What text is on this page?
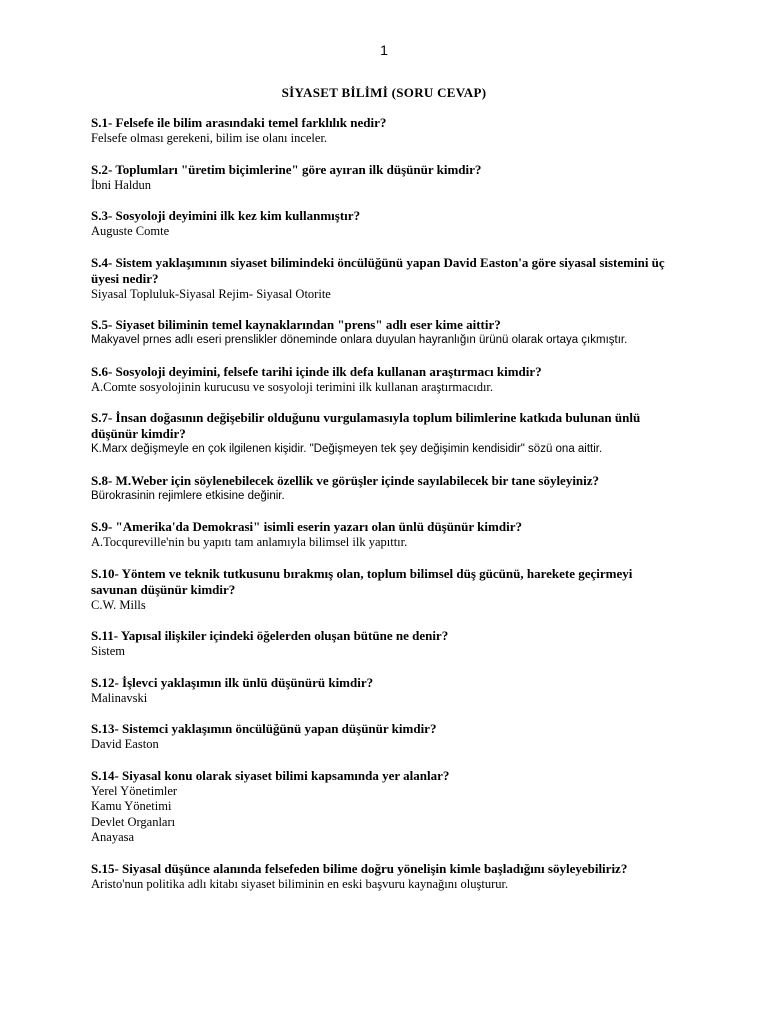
1
SİYASET BİLİMİ (SORU CEVAP)
S.1- Felsefe ile bilim arasındaki temel farklılık nedir?
Felsefe olması gerekeni, bilim ise olanı inceler.
S.2- Toplumları "üretim biçimlerine" göre ayıran ilk düşünür kimdir?
İbni Haldun
S.3- Sosyoloji deyimini ilk kez kim kullanmıştır?
Auguste Comte
S.4- Sistem yaklaşımının siyaset bilimindeki öncülüğünü yapan David Easton'a göre siyasal sistemini üç üyesi nedir?
Siyasal Topluluk-Siyasal Rejim- Siyasal Otorite
S.5- Siyaset biliminin temel kaynaklarından "prens" adlı eser kime aittir?
Makyavel prnes adlı eseri prenslikler döneminde onlara duyulan hayranlığın ürünü olarak ortaya çıkmıştır.
S.6- Sosyoloji deyimini, felsefe tarihi içinde ilk defa kullanan araştırmacı kimdir?
A.Comte sosyolojinin kurucusu ve sosyoloji terimini ilk kullanan araştırmacıdır.
S.7- İnsan doğasının değişebilir olduğunu vurgulamasıyla toplum bilimlerine katkıda bulunan ünlü düşünür kimdir?
K.Marx değişmeyle en çok ilgilenen kişidir. "Değişmeyen tek şey değişimin kendisidir" sözü ona aittir.
S.8- M.Weber için söylenebilecek özellik ve görüşler içinde sayılabilecek bir tane söyleyiniz?
Bürokrasinin rejimlere etkisine değinir.
S.9- "Amerika'da Demokrasi" isimli eserin yazarı olan ünlü düşünür kimdir?
A.Tocqureville'nin bu yapıtı tam anlamıyla bilimsel ilk yapıttır.
S.10- Yöntem ve teknik tutkusunu bırakmış olan, toplum bilimsel düş gücünü, harekete geçirmeyi savunan düşünür kimdir?
C.W. Mills
S.11- Yapısal ilişkiler içindeki öğelerden oluşan bütüne ne denir?
Sistem
S.12- İşlevci yaklaşımın ilk ünlü düşünürü kimdir?
Malinavski
S.13- Sistemci yaklaşımın öncülüğünü yapan düşünür kimdir?
David Easton
S.14- Siyasal konu olarak siyaset bilimi kapsamında yer alanlar?
Yerel Yönetimler
Kamu Yönetimi
Devlet Organları
Anayasa
S.15- Siyasal düşünce alanında felsefeden bilime doğru yönelişin kimle başladığını söyleyebiliriz?
Aristo'nun politika adlı kitabı siyaset biliminin en eski başvuru kaynağını oluşturur.
